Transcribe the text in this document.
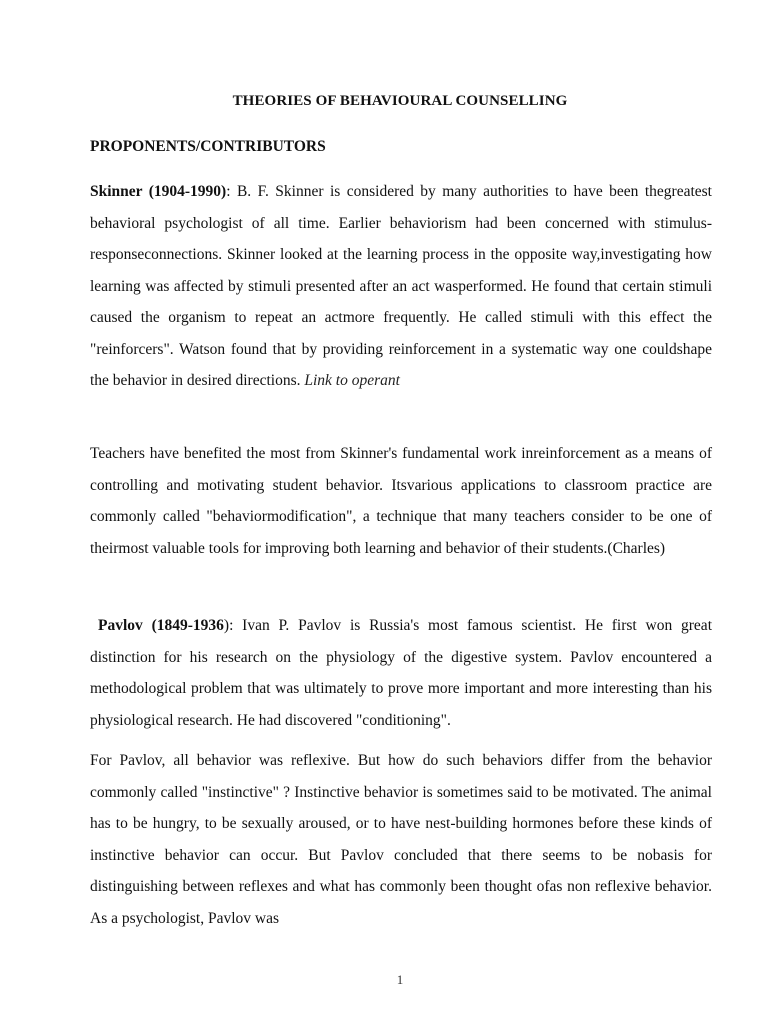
THEORIES OF BEHAVIOURAL COUNSELLING
PROPONENTS/CONTRIBUTORS
Skinner (1904-1990): B. F. Skinner is considered by many authorities to have been thegreatest behavioral psychologist of all time. Earlier behaviorism had been concerned with stimulus-responseconnections. Skinner looked at the learning process in the opposite way,investigating how learning was affected by stimuli presented after an act wasperformed. He found that certain stimuli caused the organism to repeat an actmore frequently. He called stimuli with this effect the "reinforcers". Watson found that by providing reinforcement in a systematic way one couldshape the behavior in desired directions. Link to operant
Teachers have benefited the most from Skinner's fundamental work inreinforcement as a means of controlling and motivating student behavior. Itsvarious applications to classroom practice are commonly called "behaviormodification", a technique that many teachers consider to be one of theirmost valuable tools for improving both learning and behavior of their students.(Charles)
Pavlov (1849-1936): Ivan P. Pavlov is Russia's most famous scientist. He first won great distinction for his research on the physiology of the digestive system. Pavlov encountered a methodological problem that was ultimately to prove more important and more interesting than his physiological research. He had discovered "conditioning".
For Pavlov, all behavior was reflexive. But how do such behaviors differ from the behavior commonly called "instinctive" ? Instinctive behavior is sometimes said to be motivated. The animal has to be hungry, to be sexually aroused, or to have nest-building hormones before these kinds of instinctive behavior can occur. But Pavlov concluded that there seems to be nobasis for distinguishing between reflexes and what has commonly been thought ofas non reflexive behavior. As a psychologist, Pavlov was
1
